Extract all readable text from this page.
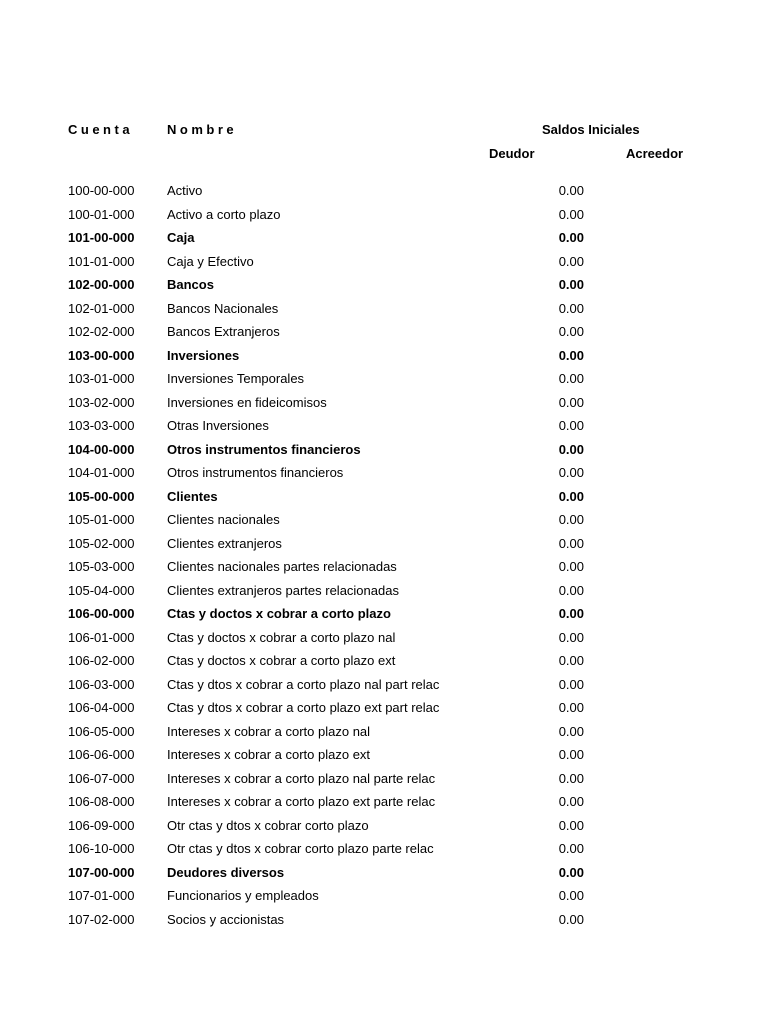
Cuenta	Nombre	Saldos Iniciales
Deudor	Acreedor
100-00-000	Activo	0.00
100-01-000	Activo a corto plazo	0.00
101-00-000	Caja	0.00
101-01-000	Caja y Efectivo	0.00
102-00-000	Bancos	0.00
102-01-000	Bancos Nacionales	0.00
102-02-000	Bancos Extranjeros	0.00
103-00-000	Inversiones	0.00
103-01-000	Inversiones Temporales	0.00
103-02-000	Inversiones en fideicomisos	0.00
103-03-000	Otras Inversiones	0.00
104-00-000	Otros instrumentos financieros	0.00
104-01-000	Otros instrumentos financieros	0.00
105-00-000	Clientes	0.00
105-01-000	Clientes nacionales	0.00
105-02-000	Clientes extranjeros	0.00
105-03-000	Clientes nacionales partes relacionadas	0.00
105-04-000	Clientes extranjeros partes relacionadas	0.00
106-00-000	Ctas y doctos x cobrar a corto plazo	0.00
106-01-000	Ctas y doctos x cobrar a corto plazo nal	0.00
106-02-000	Ctas y doctos x cobrar a corto plazo ext	0.00
106-03-000	Ctas y dtos x cobrar a corto plazo nal part relac	0.00
106-04-000	Ctas y dtos x cobrar a corto plazo ext part relac	0.00
106-05-000	Intereses x cobrar a corto plazo nal	0.00
106-06-000	Intereses x cobrar a corto plazo ext	0.00
106-07-000	Intereses x cobrar a corto plazo nal parte relac	0.00
106-08-000	Intereses x cobrar a corto plazo ext parte relac	0.00
106-09-000	Otr ctas y dtos x cobrar corto plazo	0.00
106-10-000	Otr ctas y dtos x cobrar corto plazo parte relac	0.00
107-00-000	Deudores diversos	0.00
107-01-000	Funcionarios y empleados	0.00
107-02-000	Socios y accionistas	0.00
